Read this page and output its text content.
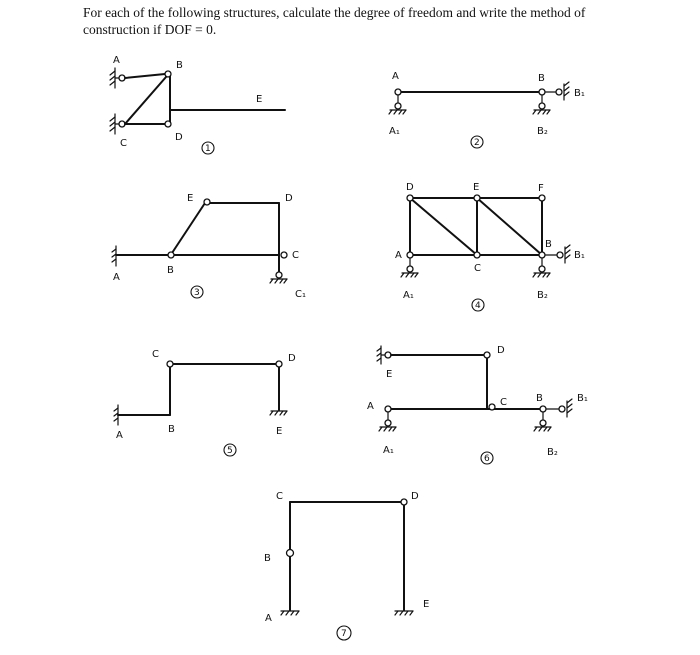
For each of the following structures, calculate the degree of freedom and write the method of
construction if DOF = 0.
A	B
C
D
E
1
A
A₁
B
B₁
B₂
2
A
B
E	D
C
C₁
3
D	E	F
A
C
B
B₁
A₁	B₂
4
A
B
C	D
E
5
E
D
A	C	B	B₁
A₁	B₂
6
C	D
B
A
E
7
